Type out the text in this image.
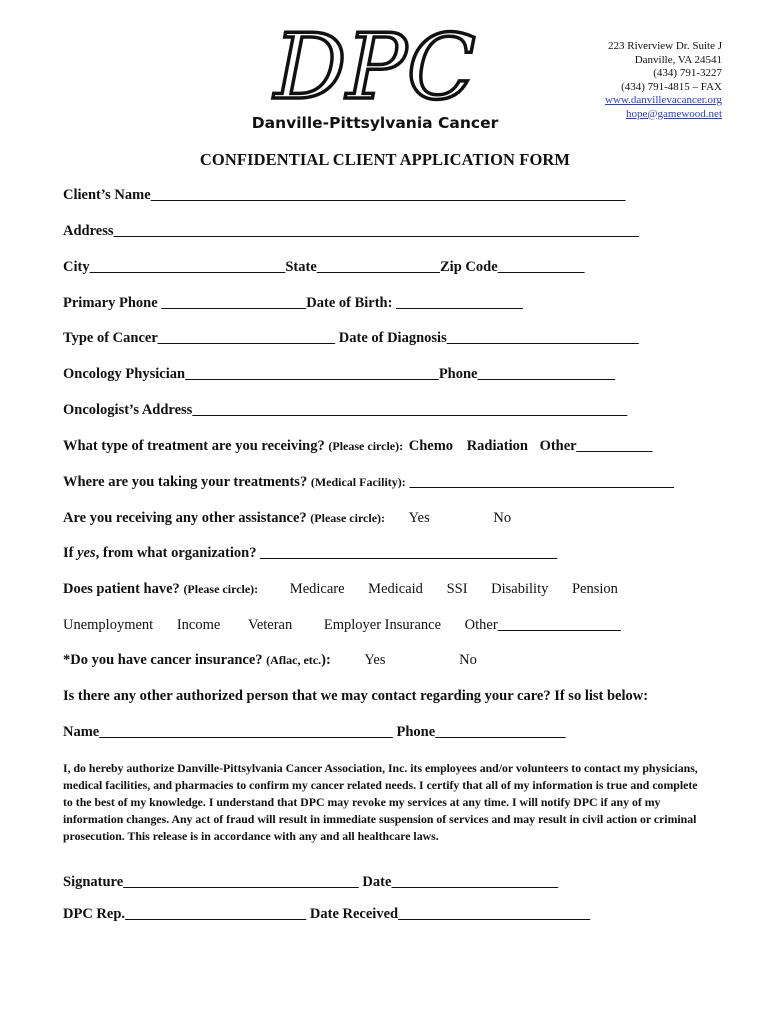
DPC
Danville-Pittsylvania Cancer
223 Riverview Dr. Suite J
Danville, VA 24541
(434) 791-3227
(434) 791-4815 – FAX
www.danvillevacancer.org
hope@gamewood.net
CONFIDENTIAL CLIENT APPLICATION FORM
Client’s Name
Address
City	State	Zip Code
Primary Phone	Date of Birth:
Type of Cancer	Date of Diagnosis
Oncology Physician	Phone
Oncologist’s Address
What type of treatment are you receiving? (Please circle): Chemo Radiation Other
Where are you taking your treatments? (Medical Facility):
Are you receiving any other assistance? (Please circle): Yes	No
If yes, from what organization?
Does patient have? (Please circle): Medicare Medicaid SSI Disability Pension
Unemployment Income Veteran Employer Insurance Other
*Do you have cancer insurance? (Aflac, etc.): Yes	No
Is there any other authorized person that we may contact regarding your care? If so list below:
Name	Phone
I, do hereby authorize Danville-Pittsylvania Cancer Association, Inc. its employees and/or volunteers to contact my physicians, medical facilities, and pharmacies to confirm my cancer related needs. I certify that all of my information is true and complete to the best of my knowledge. I understand that DPC may revoke my services at any time. I will notify DPC if any of my information changes. Any act of fraud will result in immediate suspension of services and may result in civil action or criminal prosecution. This release is in accordance with any and all healthcare laws.
Signature	Date
DPC Rep.	Date Received
